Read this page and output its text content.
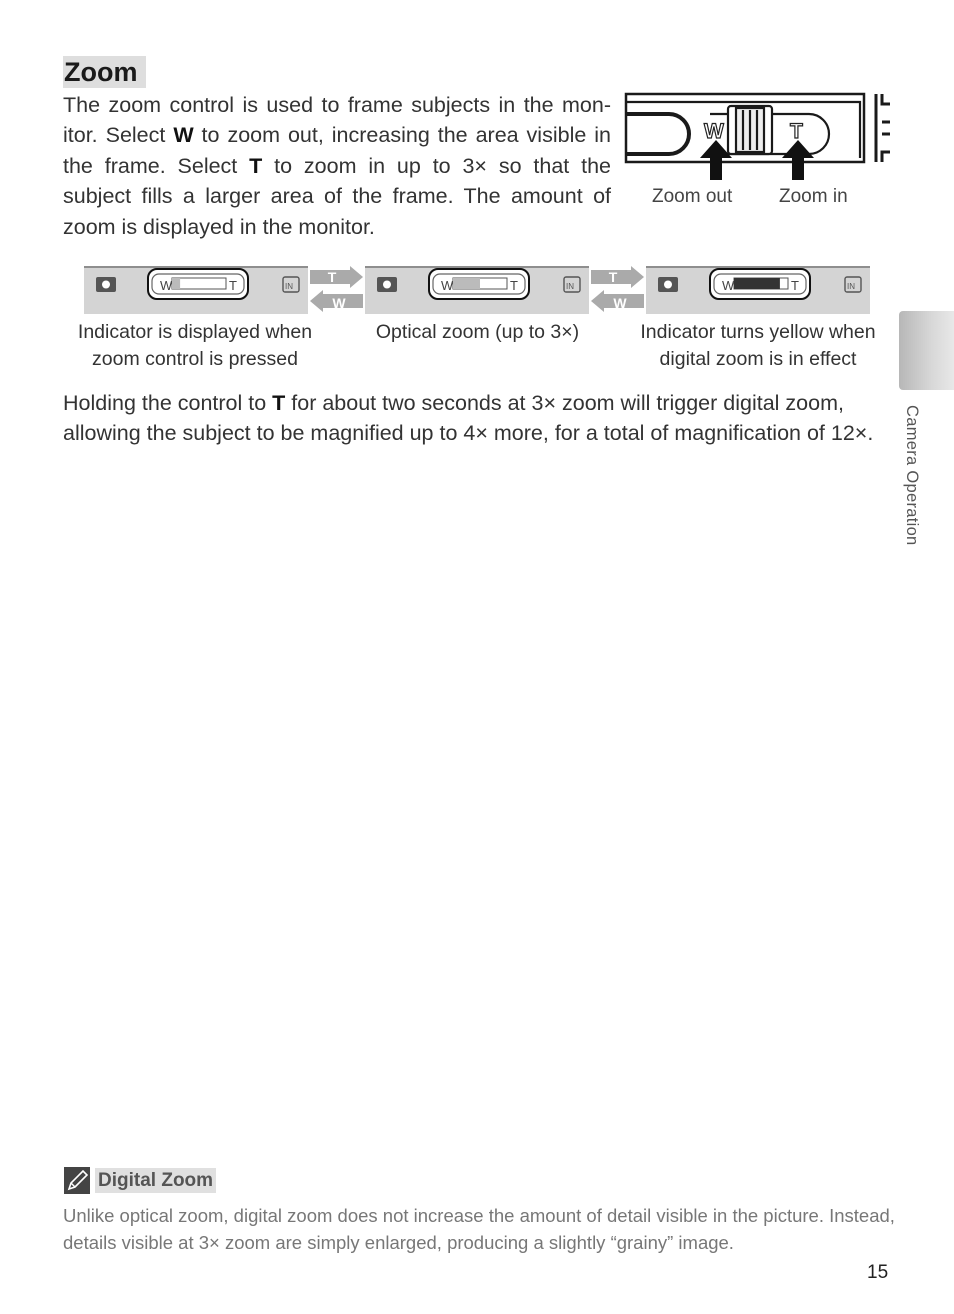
Zoom
The zoom control is used to frame subjects in the mon-itor. Select W to zoom out, increasing the area visible in the frame. Select T to zoom in up to 3× so that the subject fills a larger area of the frame. The amount of zoom is displayed in the monitor.
W	T
Zoom out Zoom in
W	T	IN
T
W
W	T	IN
T
W
W	T	IN
Indicator is displayed when zoom control is pressed
Optical zoom (up to 3×)	Indicator turns yellow when digital zoom is in effect
Holding the control to T for about two seconds at 3× zoom will trigger digital zoom, allowing the subject to be magnified up to 4× more, for a total of magnification of 12×.	Camera Operation
Digital Zoom
Unlike optical zoom, digital zoom does not increase the amount of detail visible in the picture. Instead, details visible at 3× zoom are simply enlarged, producing a slightly “grainy” image.
15
